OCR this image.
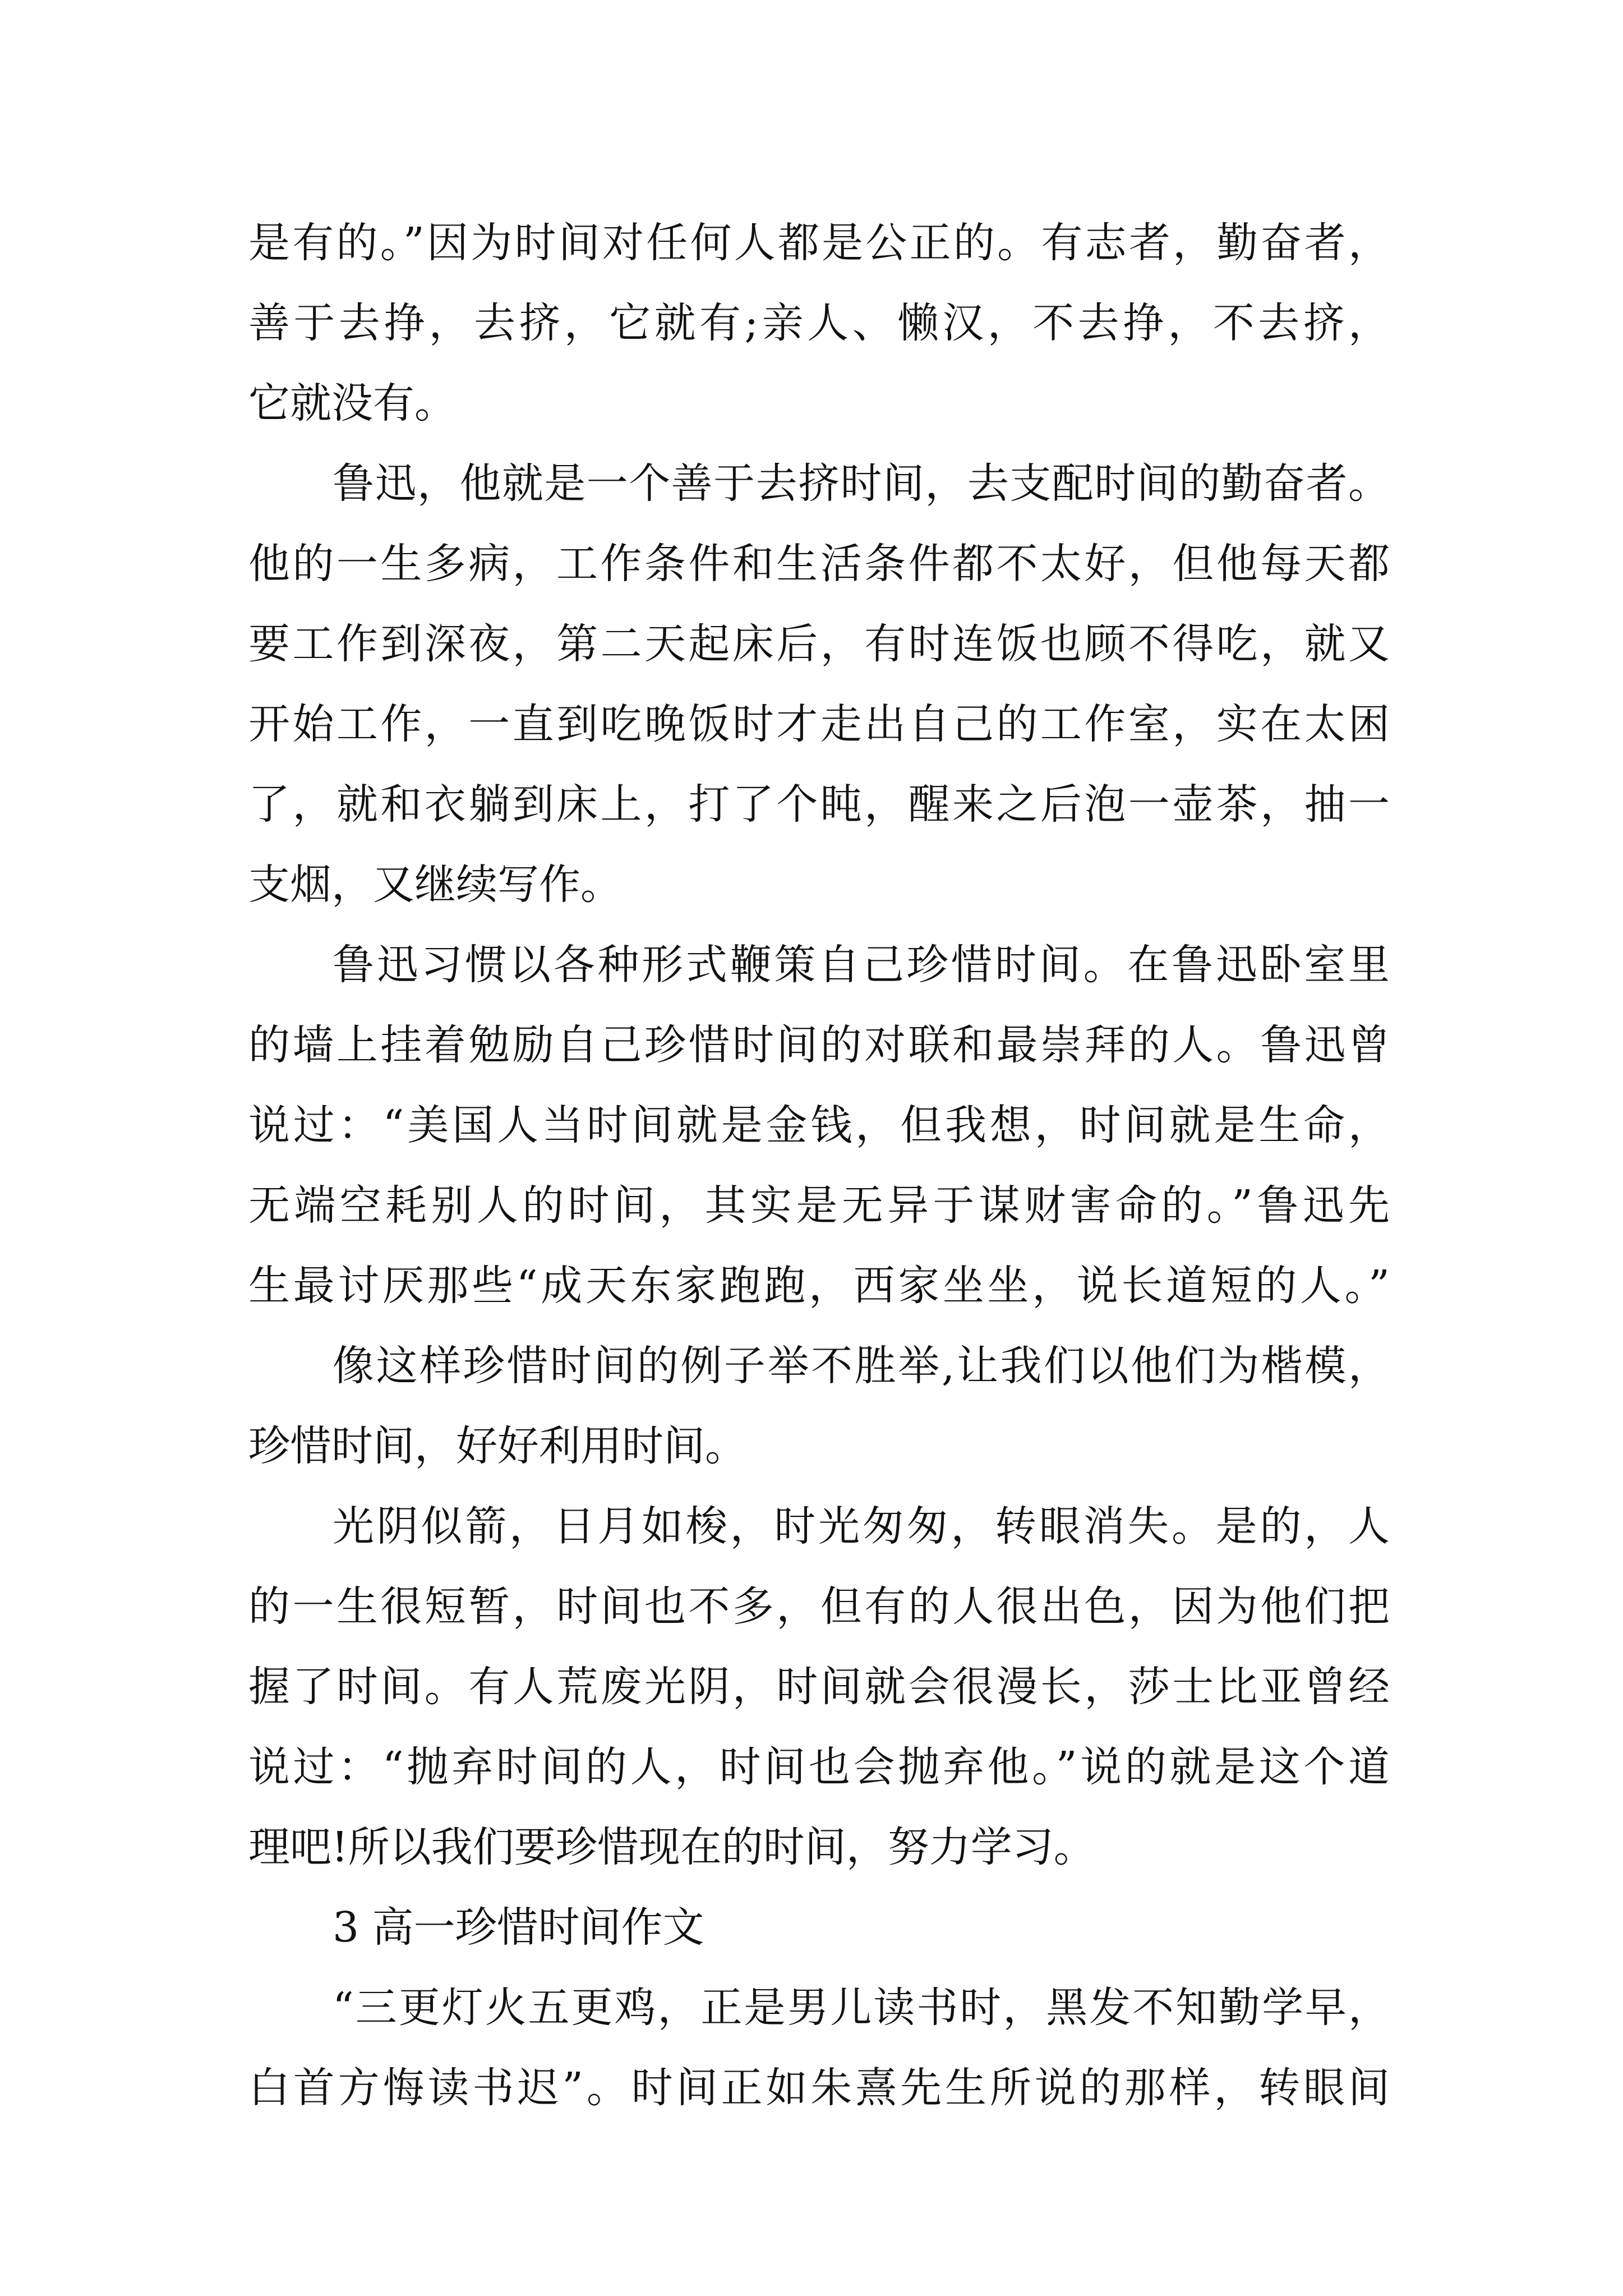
是有的。”因为时间对任何人都是公正的。有志者，勤奋者，
善于去挣，去挤，它就有;亲人、懒汉，不去挣，不去挤，
它就没有。
鲁迅，他就是一个善于去挤时间，去支配时间的勤奋者。
他的一生多病，工作条件和生活条件都不太好，但他每天都
要工作到深夜，第二天起床后，有时连饭也顾不得吃，就又
开始工作，一直到吃晚饭时才走出自己的工作室，实在太困
了，就和衣躺到床上，打了个盹，醒来之后泡一壶茶，抽一
支烟，又继续写作。
鲁迅习惯以各种形式鞭策自己珍惜时间。在鲁迅卧室里
的墙上挂着勉励自己珍惜时间的对联和最崇拜的人。鲁迅曾
说过：“美国人当时间就是金钱，但我想，时间就是生命，
无端空耗别人的时间，其实是无异于谋财害命的。”鲁迅先
生最讨厌那些“成天东家跑跑，西家坐坐，说长道短的人。”
像这样珍惜时间的例子举不胜举,让我们以他们为楷模，
珍惜时间，好好利用时间。
光阴似箭，日月如梭，时光匆匆，转眼消失。是的，人
的一生很短暂，时间也不多，但有的人很出色，因为他们把
握了时间。有人荒废光阴，时间就会很漫长，莎士比亚曾经
说过：“抛弃时间的人，时间也会抛弃他。”说的就是这个道
理吧!所以我们要珍惜现在的时间，努力学习。
3 高一珍惜时间作文
“三更灯火五更鸡，正是男儿读书时，黑发不知勤学早，
白首方悔读书迟”。时间正如朱熹先生所说的那样，转眼间
